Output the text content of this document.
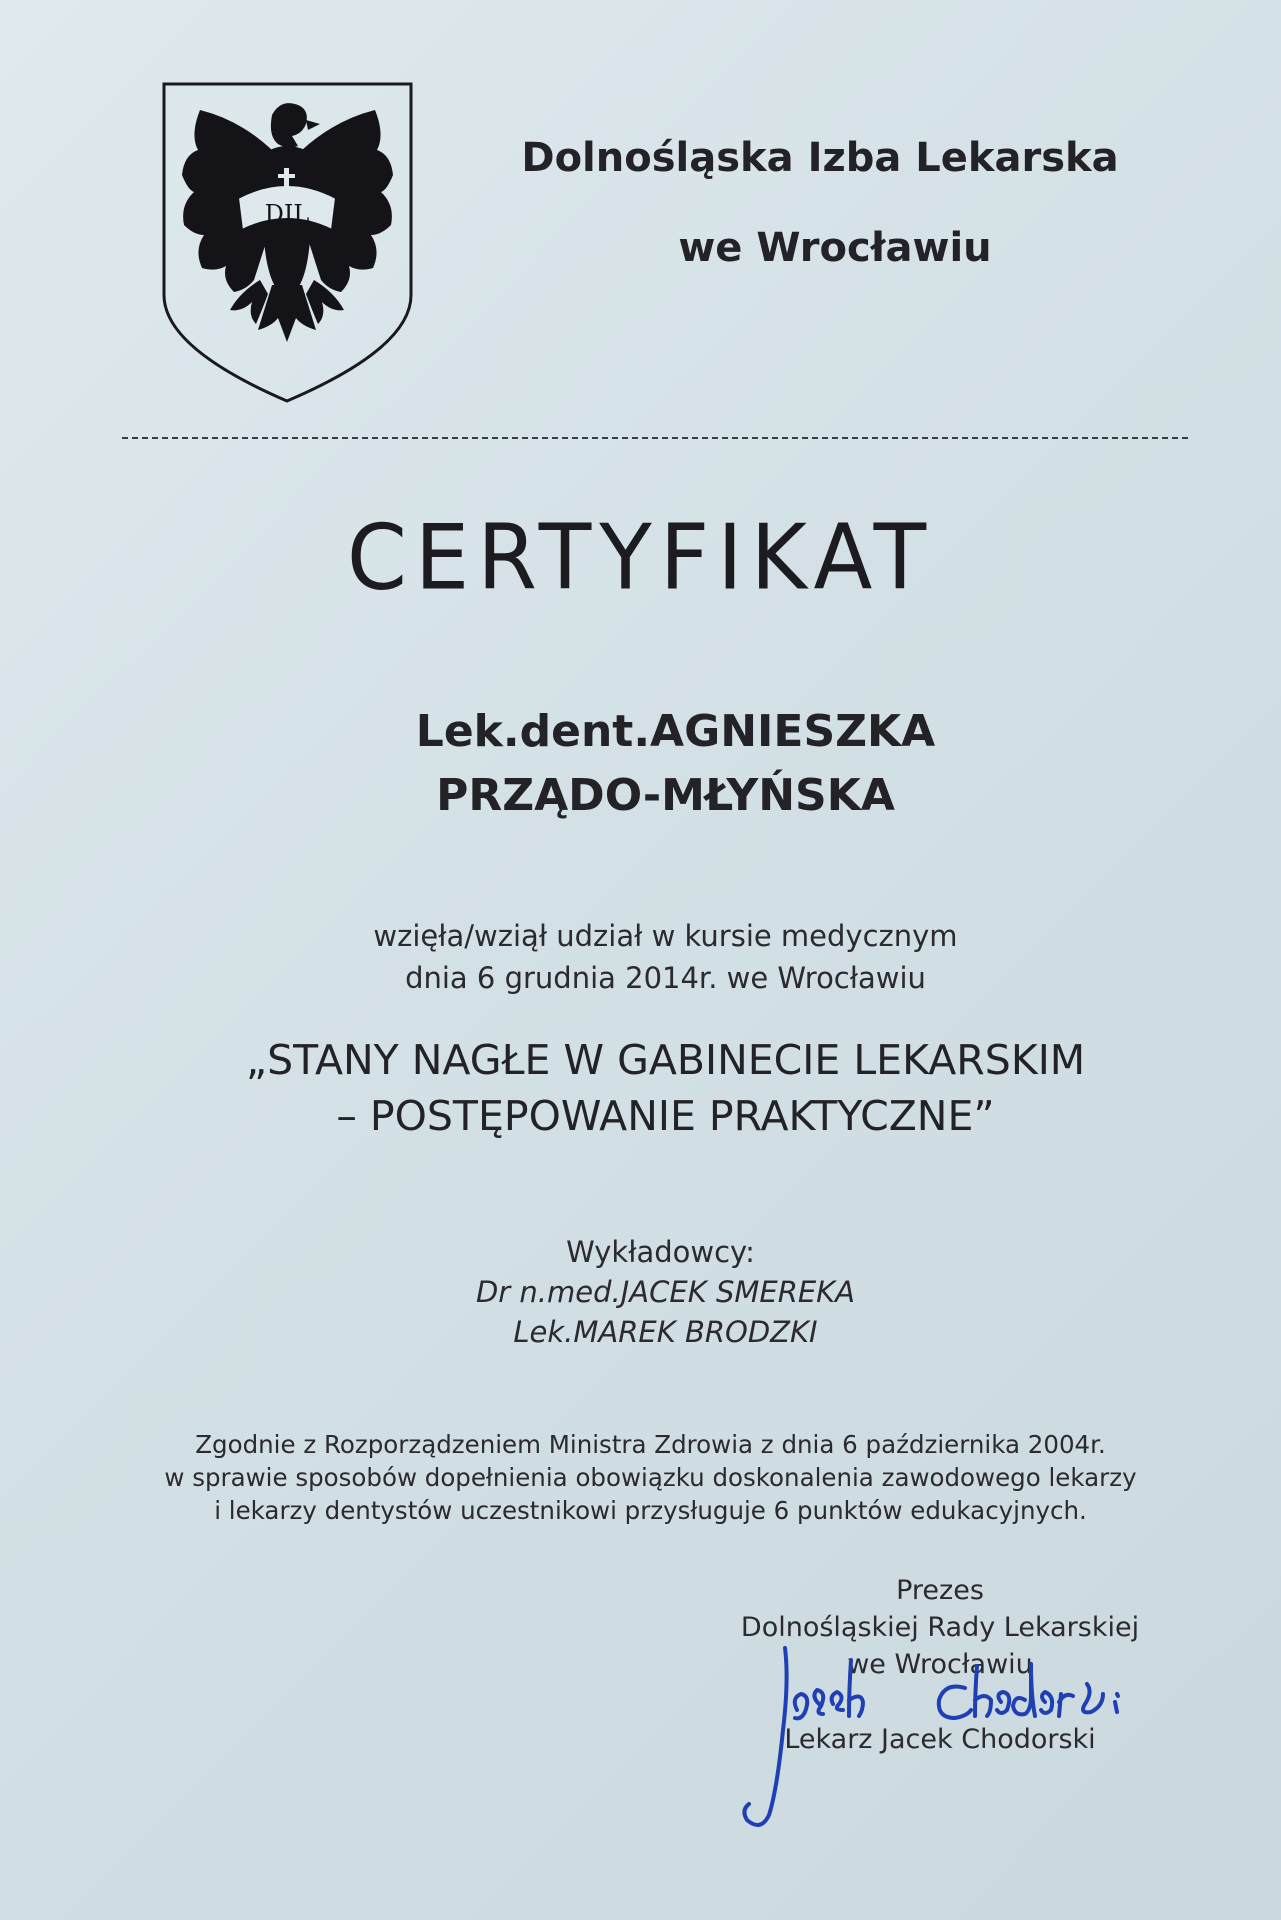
DIL
Dolnośląska Izba Lekarska
we Wrocławiu
CERTYFIKAT
Lek.dent.AGNIESZKA
PRZĄDO-MŁYŃSKA
wzięła/wziął udział w kursie medycznym
dnia 6 grudnia 2014r. we Wrocławiu
„STANY NAGŁE W GABINECIE LEKARSKIM
– POSTĘPOWANIE PRAKTYCZNE”
Wykładowcy:
Dr n.med.JACEK SMEREKA
Lek.MAREK BRODZKI
Zgodnie z Rozporządzeniem Ministra Zdrowia z dnia 6 października 2004r.
w sprawie sposobów dopełnienia obowiązku doskonalenia zawodowego lekarzy
i lekarzy dentystów uczestnikowi przysługuje 6 punktów edukacyjnych.
Prezes
Dolnośląskiej Rady Lekarskiej
we Wrocławiu
Lekarz Jacek Chodorski
